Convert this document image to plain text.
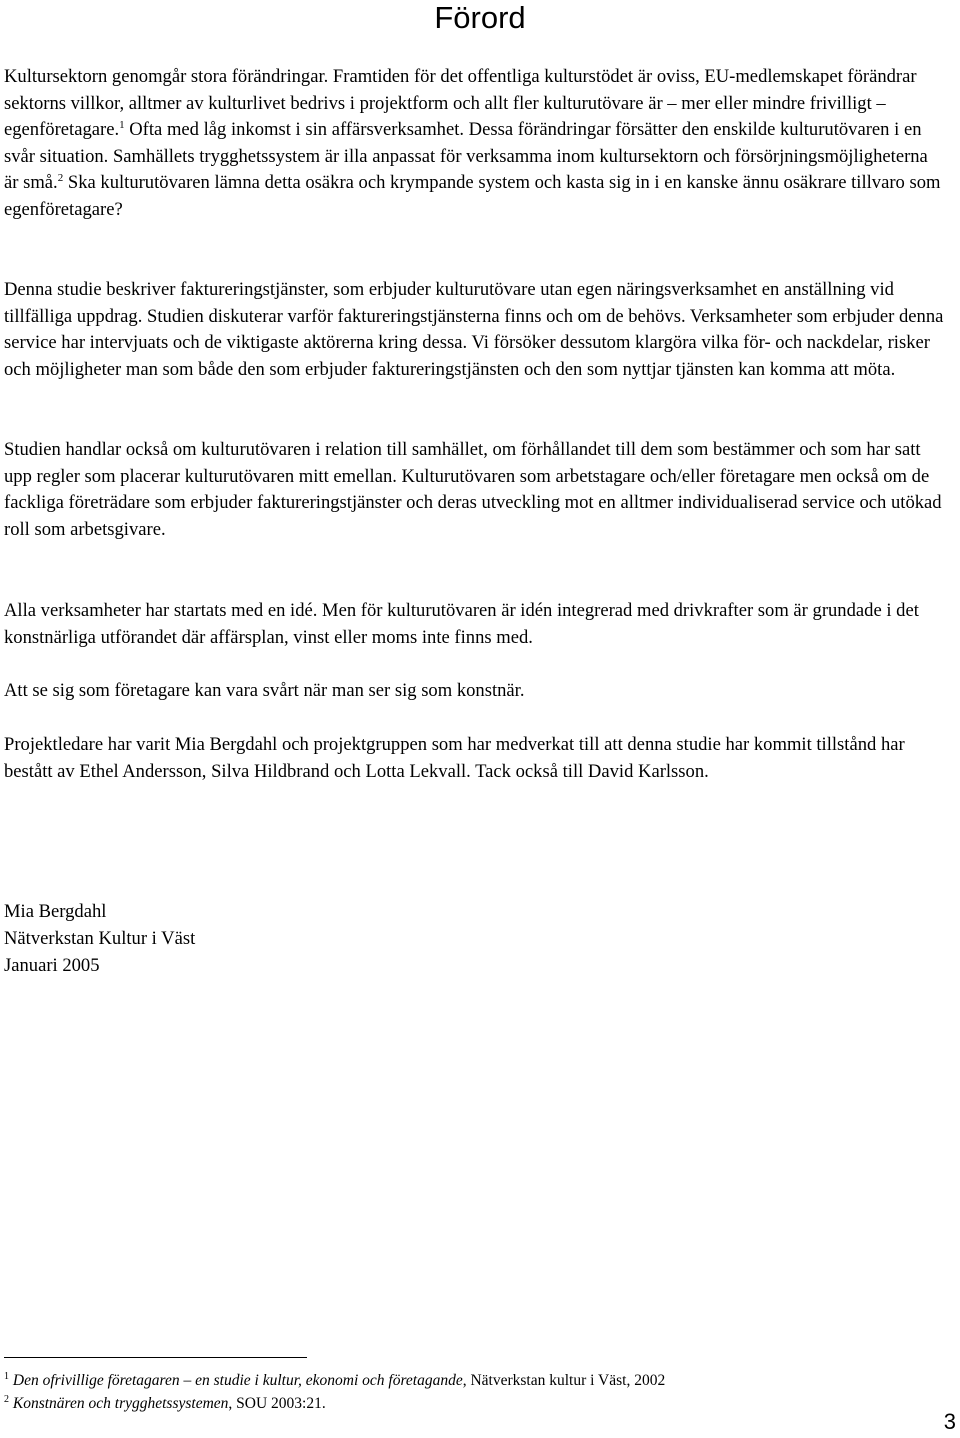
Förord

Kultursektorn genomgår stora förändringar. Framtiden för det offentliga kulturstödet är oviss, EU-medlemskapet förändrar sektorns villkor, alltmer av kulturlivet bedrivs i projektform och allt fler kulturutövare är – mer eller mindre frivilligt – egenföretagare.$^1$ Ofta med låg inkomst i sin affärsverksamhet. Dessa förändringar försätter den enskilde kulturutövaren i en svår situation. Samhällets trygghetssystem är illa anpassat för verksamma inom kultursektorn och försörjningsmöjligheterna är små.$^2$ Ska kulturutövaren lämna detta osäkra och krympande system och kasta sig in i en kanske ännu osäkrare tillvaro som egenföretagare?

Denna studie beskriver faktureringstjänster, som erbjuder kulturutövare utan egen näringsverksamhet en anställning vid tillfälliga uppdrag. Studien diskuterar varför faktureringstjänsterna finns och om de behövs. Verksamheter som erbjuder denna service har intervjuats och de viktigaste aktörerna kring dessa. Vi försöker dessutom klargöra vilka för- och nackdelar, risker och möjligheter man som både den som erbjuder faktureringstjänsten och den som nyttjar tjänsten kan komma att möta.

Studien handlar också om kulturutövaren i relation till samhället, om förhållandet till dem som bestämmer och som har satt upp regler som placerar kulturutövaren mitt emellan. Kulturutövaren som arbetstagare och/eller företagare men också om de fackliga företrädare som erbjuder faktureringstjänster och deras utveckling mot en alltmer individualiserad service och utökad roll som arbetsgivare.

Alla verksamheter har startats med en idé. Men för kulturutövaren är idén integrerad med drivkrafter som är grundade i det konstnärliga utförandet där affärsplan, vinst eller moms inte finns med.

Att se sig som företagare kan vara svårt när man ser sig som konstnär.

Projektledare har varit Mia Bergdahl och projektgruppen som har medverkat till att denna studie har kommit tillstånd har bestått av Ethel Andersson, Silva Hildbrand och Lotta Lekvall. Tack också till David Karlsson.

Mia Bergdahl
Nätverkstan Kultur i Väst
Januari 2005
$^1$ Den ofrivillige företagaren – en studie i kultur, ekonomi och företagande, Nätverkstan kultur i Väst, 2002
$^2$ Konstnären och trygghetssystemen, SOU 2003:21.
3
